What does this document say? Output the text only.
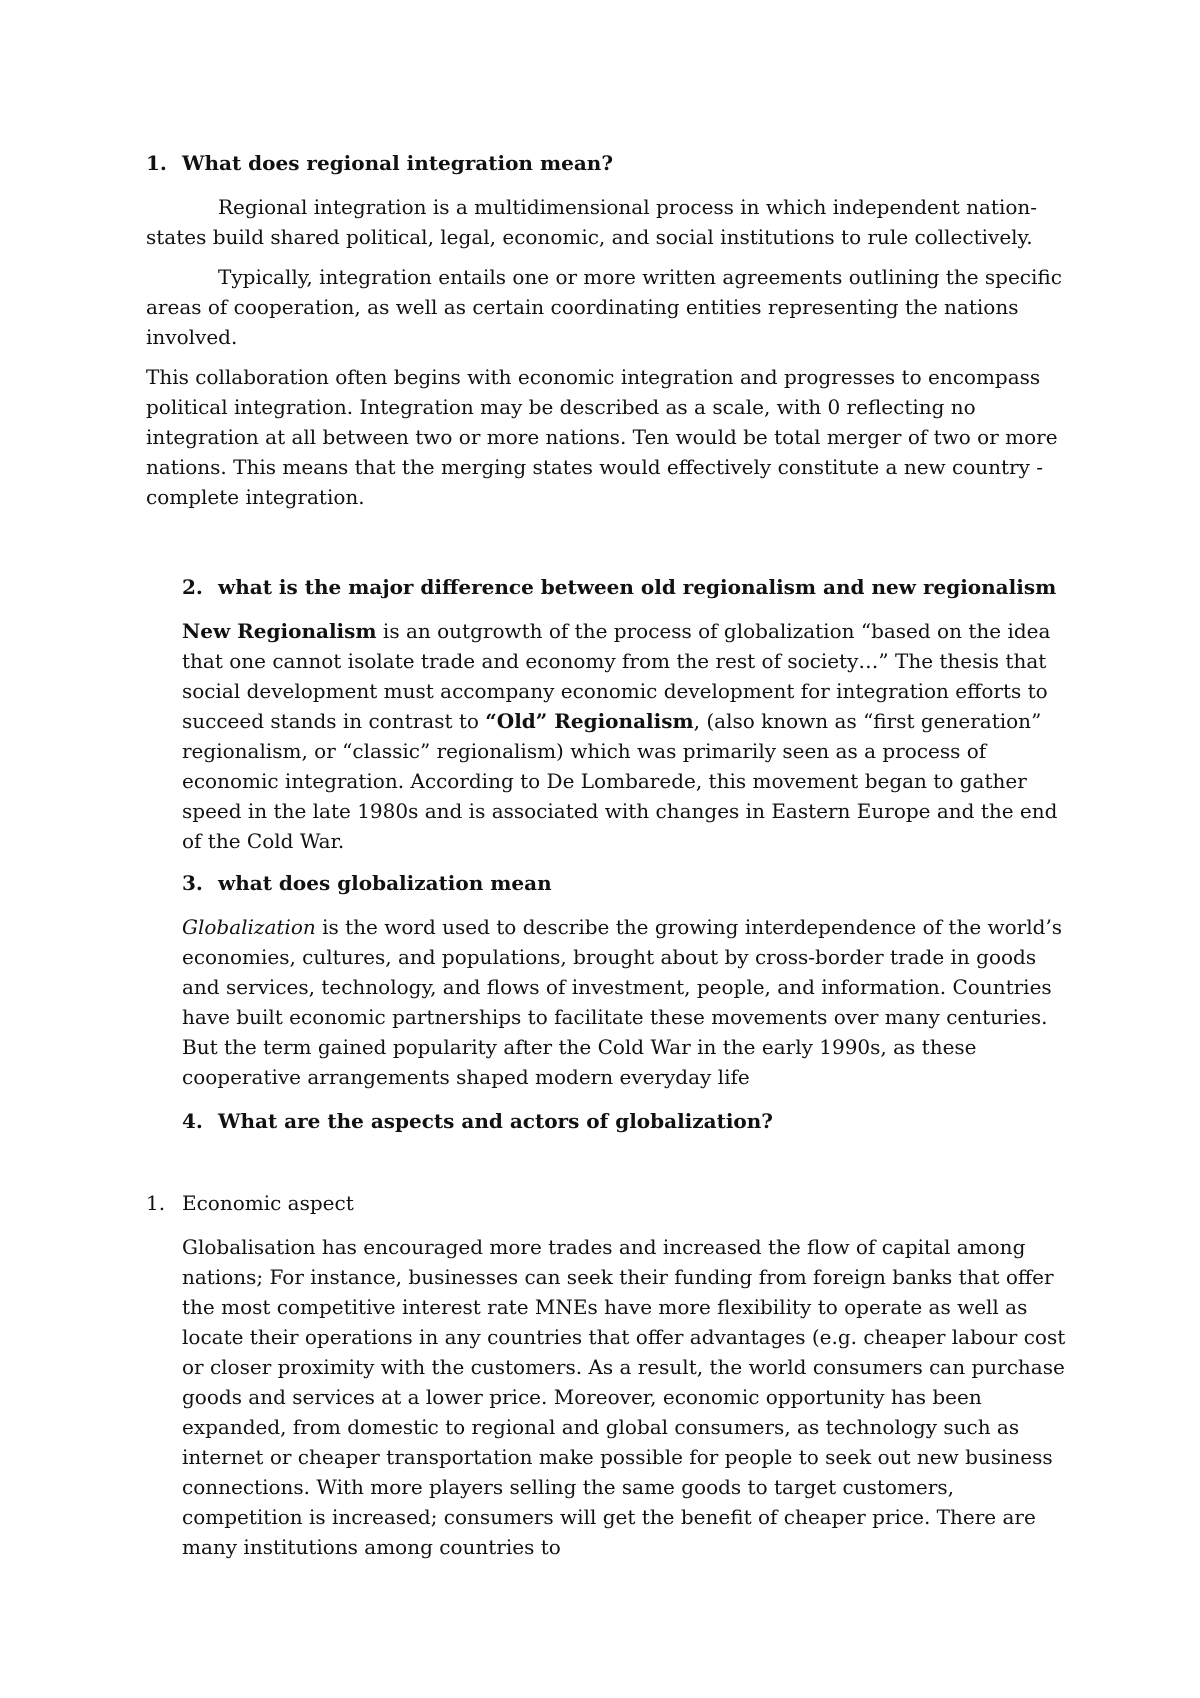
1. What does regional integration mean?

Regional integration is a multidimensional process in which independent nation-states build shared political, legal, economic, and social institutions to rule collectively.

Typically, integration entails one or more written agreements outlining the specific areas of cooperation, as well as certain coordinating entities representing the nations involved.

This collaboration often begins with economic integration and progresses to encompass political integration. Integration may be described as a scale, with 0 reflecting no integration at all between two or more nations. Ten would be total merger of two or more nations. This means that the merging states would effectively constitute a new country - complete integration.

2. what is the major difference between old regionalism and new regionalism

New Regionalism is an outgrowth of the process of globalization “based on the idea that one cannot isolate trade and economy from the rest of society…” The thesis that social development must accompany economic development for integration efforts to succeed stands in contrast to “Old” Regionalism, (also known as “first generation” regionalism, or “classic” regionalism) which was primarily seen as a process of economic integration. According to De Lombarede, this movement began to gather speed in the late 1980s and is associated with changes in Eastern Europe and the end of the Cold War.

3. what does globalization mean

Globalization is the word used to describe the growing interdependence of the world’s economies, cultures, and populations, brought about by cross-border trade in goods and services, technology, and flows of investment, people, and information. Countries have built economic partnerships to facilitate these movements over many centuries. But the term gained popularity after the Cold War in the early 1990s, as these cooperative arrangements shaped modern everyday life

4. What are the aspects and actors of globalization?

1. Economic aspect

Globalisation has encouraged more trades and increased the flow of capital among nations; For instance, businesses can seek their funding from foreign banks that offer the most competitive interest rate MNEs have more flexibility to operate as well as locate their operations in any countries that offer advantages (e.g. cheaper labour cost or closer proximity with the customers. As a result, the world consumers can purchase goods and services at a lower price. Moreover, economic opportunity has been expanded, from domestic to regional and global consumers, as technology such as internet or cheaper transportation make possible for people to seek out new business connections. With more players selling the same goods to target customers, competition is increased; consumers will get the benefit of cheaper price. There are many institutions among countries to
